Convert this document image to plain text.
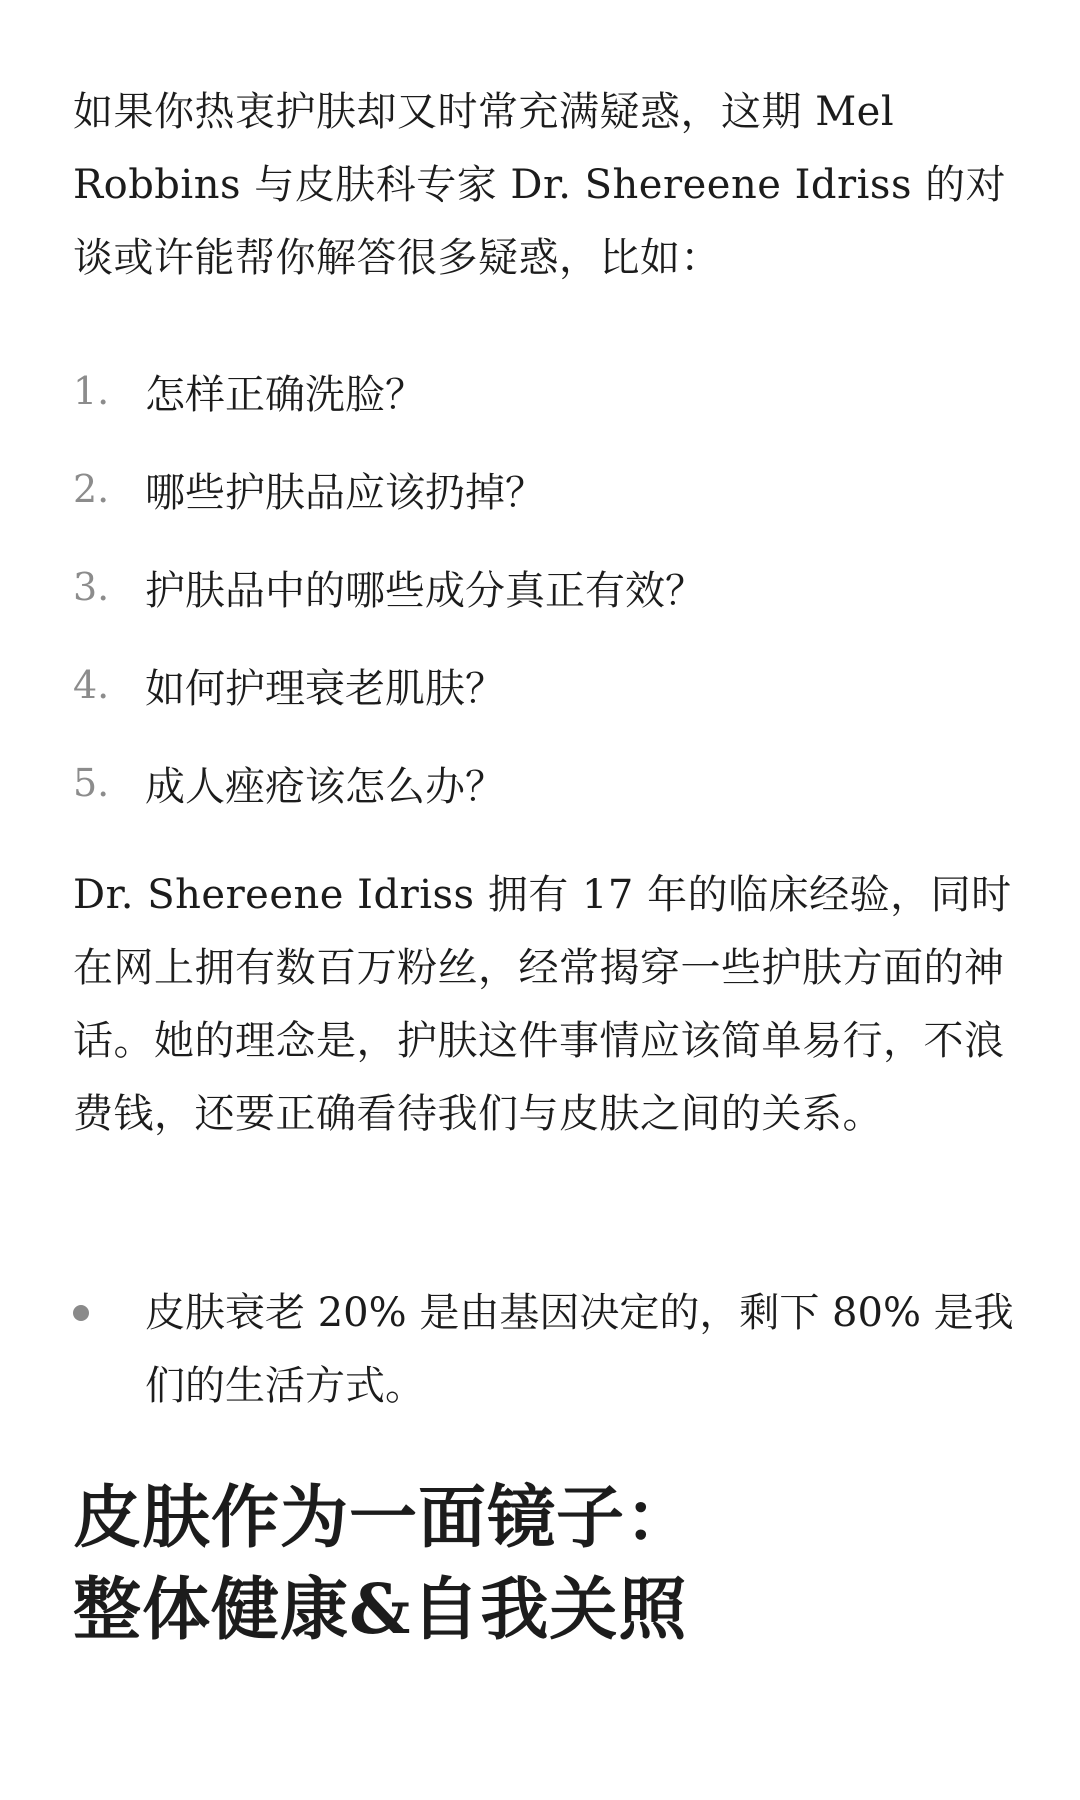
如果你热衷护肤却又时常充满疑惑，这期 Mel Robbins 与皮肤科专家 Dr. Shereene Idriss 的对谈或许能帮你解答很多疑惑，比如：

1. 怎样正确洗脸？
2. 哪些护肤品应该扔掉？
3. 护肤品中的哪些成分真正有效？
4. 如何护理衰老肌肤？
5. 成人痤疮该怎么办？

Dr. Shereene Idriss 拥有 17 年的临床经验，同时在网上拥有数百万粉丝，经常揭穿一些护肤方面的神话。她的理念是，护肤这件事情应该简单易行，不浪费钱，还要正确看待我们与皮肤之间的关系。

皮肤衰老 20% 是由基因决定的，剩下 80% 是我们的生活方式。
皮肤作为一面镜子：
整体健康&自我关照
